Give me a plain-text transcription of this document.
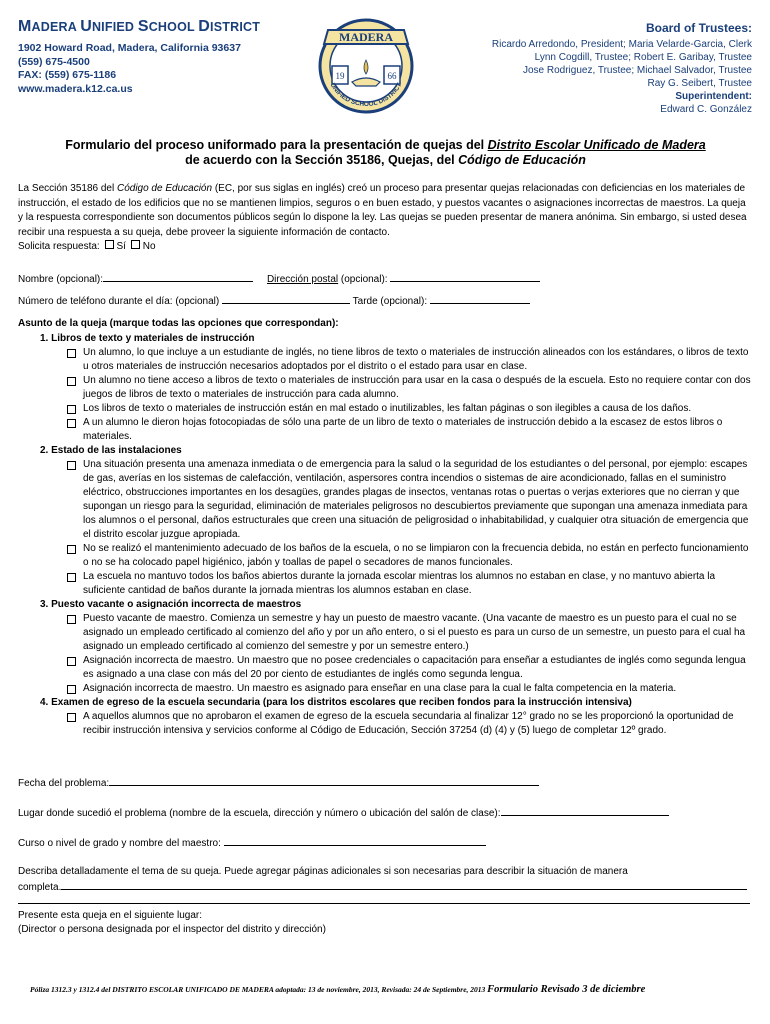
MADERA UNIFIED SCHOOL DISTRICT
1902 Howard Road, Madera, California 93637
(559) 675-4500
FAX: (559) 675-1186
www.madera.k12.ca.us
MADERA
19	66
UNIFIED SCHOOL DISTRICT
Board of Trustees:
Ricardo Arredondo, President; Maria Velarde-Garcia, Clerk
Lynn Cogdill, Trustee; Robert E. Garibay, Trustee
Jose Rodriguez, Trustee; Michael Salvador, Trustee
Ray G. Seibert, Trustee
Superintendent:
Edward C. González
Formulario del proceso uniformado para la presentación de quejas del Distrito Escolar Unificado de Madera
de acuerdo con la Sección 35186, Quejas, del Código de Educación
La Sección 35186 del Código de Educación (EC, por sus siglas en inglés) creó un proceso para presentar quejas relacionadas con deficiencias en los materiales de instrucción, el estado de los edificios que no se mantienen limpios, seguros o en buen estado, y puestos vacantes o asignaciones incorrectas de maestros. La queja y la respuesta correspondiente son documentos públicos según lo dispone la ley. Las quejas se pueden presentar de manera anónima. Sin embargo, si usted desea recibir una respuesta a su queja, debe proveer la siguiente información de contacto.
Solicita respuesta: Sí No
Nombre (opcional):	Dirección postal (opcional):
Número de teléfono durante el día: (opcional)	Tarde (opcional):
Asunto de la queja (marque todas las opciones que correspondan):
1. Libros de texto y materiales de instrucción
Un alumno, lo que incluye a un estudiante de inglés, no tiene libros de texto o materiales de instrucción alineados con los estándares, o libros de texto u otros materiales de instrucción necesarios adoptados por el distrito o el estado para usar en clase.
Un alumno no tiene acceso a libros de texto o materiales de instrucción para usar en la casa o después de la escuela. Esto no requiere contar con dos juegos de libros de texto o materiales de instrucción para cada alumno.
Los libros de texto o materiales de instrucción están en mal estado o inutilizables, les faltan páginas o son ilegibles a causa de los daños.
A un alumno le dieron hojas fotocopiadas de sólo una parte de un libro de texto o materiales de instrucción debido a la escasez de estos libros o materiales.
2. Estado de las instalaciones
Una situación presenta una amenaza inmediata o de emergencia para la salud o la seguridad de los estudiantes o del personal, por ejemplo: escapes de gas, averías en los sistemas de calefacción, ventilación, aspersores contra incendios o sistemas de aire acondicionado, fallas en el suministro eléctrico, obstrucciones importantes en los desagües, grandes plagas de insectos, ventanas rotas o puertas o verjas exteriores que no cierran y que supongan un riesgo para la seguridad, eliminación de materiales peligrosos no descubiertos previamente que supongan una amenaza inmediata para los alumnos o el personal, daños estructurales que creen una situación de peligrosidad o inhabitabilidad, y cualquier otra situación de emergencia que el distrito escolar juzgue apropiada.
No se realizó el mantenimiento adecuado de los baños de la escuela, o no se limpiaron con la frecuencia debida, no están en perfecto funcionamiento o no se ha colocado papel higiénico, jabón y toallas de papel o secadores de manos funcionales.
La escuela no mantuvo todos los baños abiertos durante la jornada escolar mientras los alumnos no estaban en clase, y no mantuvo abierta la suficiente cantidad de baños durante la jornada mientras los alumnos estaban en clase.
3. Puesto vacante o asignación incorrecta de maestros
Puesto vacante de maestro. Comienza un semestre y hay un puesto de maestro vacante. (Una vacante de maestro es un puesto para el cual no se asignado un empleado certificado al comienzo del año y por un año entero, o si el puesto es para un curso de un semestre, un puesto para el cual ha asignado un empleado certificado al comienzo del semestre y por un semestre entero.)
Asignación incorrecta de maestro. Un maestro que no posee credenciales o capacitación para enseñar a estudiantes de inglés como segunda lengua es asignado a una clase con más del 20 por ciento de estudiantes de inglés como segunda lengua.
Asignación incorrecta de maestro. Un maestro es asignado para enseñar en una clase para la cual le falta competencia en la materia.
4. Examen de egreso de la escuela secundaria (para los distritos escolares que reciben fondos para la instrucción intensiva)
A aquellos alumnos que no aprobaron el examen de egreso de la escuela secundaria al finalizar 12° grado no se les proporcionó la oportunidad de recibir instrucción intensiva y servicios conforme al Código de Educación, Sección 37254 (d) (4) y (5) luego de completar 12º grado.
Fecha del problema:
Lugar donde sucedió el problema (nombre de la escuela, dirección y número o ubicación del salón de clase):
Curso o nivel de grado y nombre del maestro:
Describa detalladamente el tema de su queja. Puede agregar páginas adicionales si son necesarias para describir la situación de manera
completa.
Presente esta queja en el siguiente lugar:
(Director o persona designada por el inspector del distrito y dirección)
Póliza 1312.3 y 1312.4 del DISTRITO ESCOLAR UNIFICADO DE MADERA adoptada: 13 de noviembre, 2013, Revisada: 24 de Septiembre, 2013 Formulario Revisado 3 de diciembre
